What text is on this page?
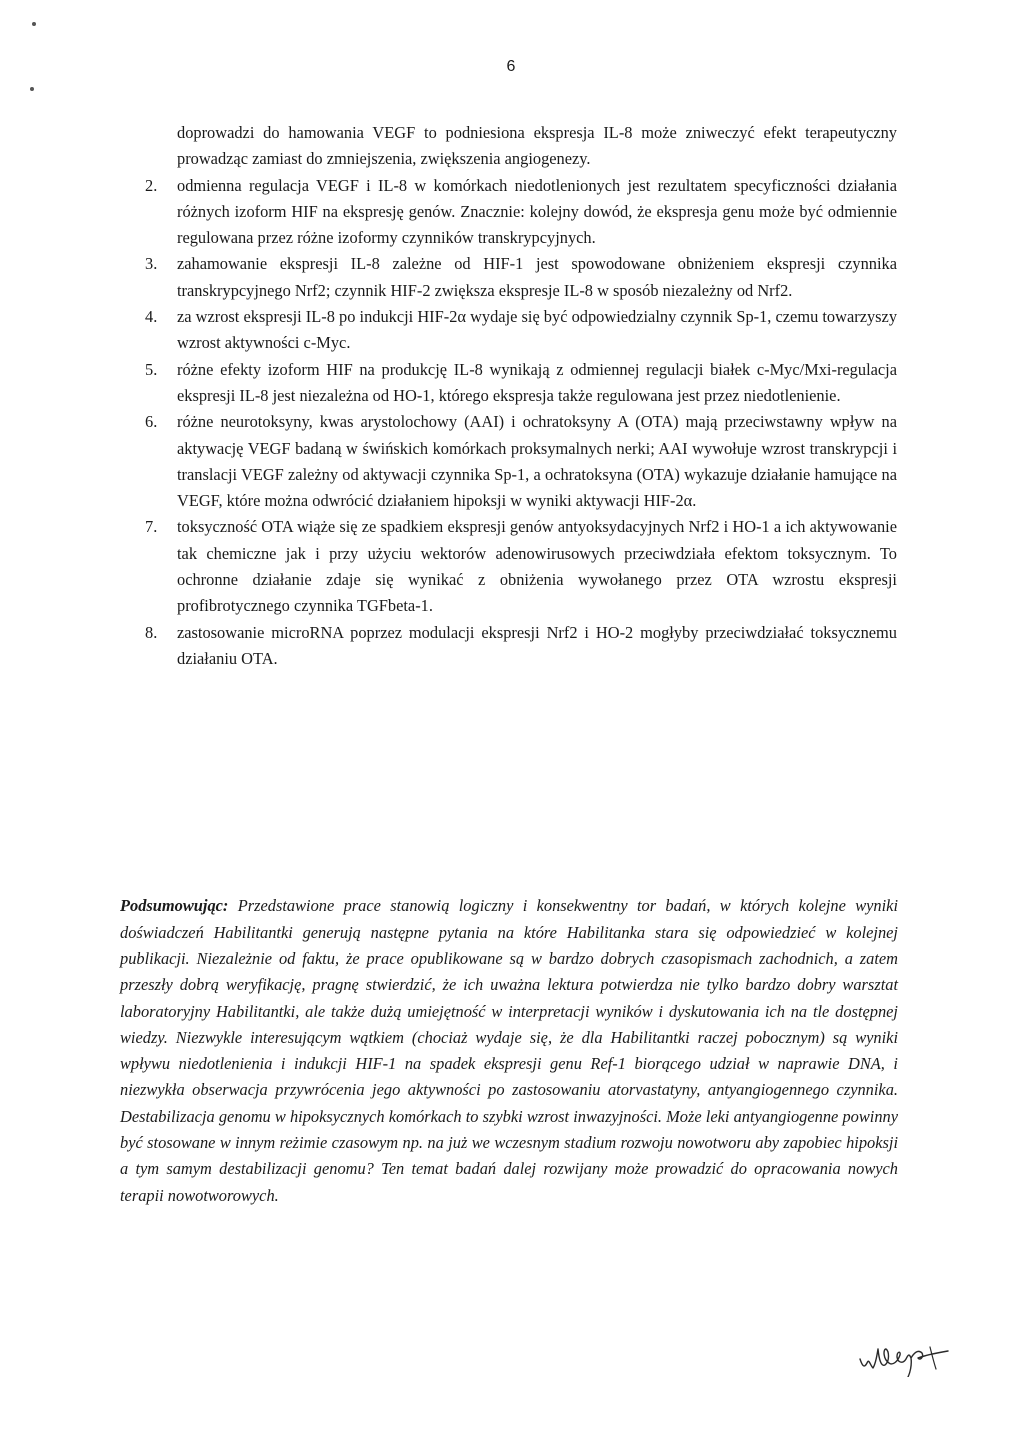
6
doprowadzi do hamowania VEGF to podniesiona ekspresja IL-8 może zniweczyć efekt terapeutyczny prowadząc zamiast do zmniejszenia, zwiększenia angiogenezy.
2.	odmienna regulacja VEGF i IL-8 w komórkach niedotlenionych jest rezultatem specyficzności działania różnych izoform HIF na ekspresję genów. Znacznie: kolejny dowód, że ekspresja genu może być odmiennie regulowana przez różne izoformy czynników transkrypcyjnych.
3.	zahamowanie ekspresji IL-8 zależne od HIF-1 jest spowodowane obniżeniem ekspresji czynnika transkrypcyjnego Nrf2; czynnik HIF-2 zwiększa ekspresje IL-8 w sposób niezależny od Nrf2.
4.	za wzrost ekspresji IL-8 po indukcji HIF-2α wydaje się być odpowiedzialny czynnik Sp-1, czemu towarzyszy wzrost aktywności c-Myc.
5.	różne efekty izoform HIF na produkcję IL-8 wynikają z odmiennej regulacji białek c-Myc/Mxi-regulacja ekspresji IL-8 jest niezależna od HO-1, którego ekspresja także regulowana jest przez niedotlenienie.
6.	różne neurotoksyny, kwas arystolochowy (AAI) i ochratoksyny A (OTA) mają przeciwstawny wpływ na aktywację VEGF badaną w świńskich komórkach proksymalnych nerki; AAI wywołuje wzrost transkrypcji i translacji VEGF zależny od aktywacji czynnika Sp-1, a ochratoksyna (OTA) wykazuje działanie hamujące na VEGF, które można odwrócić działaniem hipoksji w wyniki aktywacji HIF-2α.
7.	toksyczność OTA wiąże się ze spadkiem ekspresji genów antyoksydacyjnych Nrf2 i HO-1 a ich aktywowanie tak chemiczne jak i przy użyciu wektorów adenowirusowych przeciwdziała efektom toksycznym. To ochronne działanie zdaje się wynikać z obniżenia wywołanego przez OTA wzrostu ekspresji profibrotycznego czynnika TGFbeta-1.
8.	zastosowanie microRNA poprzez modulacji ekspresji Nrf2 i HO-2 mogłyby przeciwdziałać toksycznemu działaniu OTA.

Podsumowując: Przedstawione prace stanowią logiczny i konsekwentny tor badań, w których kolejne wyniki doświadczeń Habilitantki generują następne pytania na które Habilitanka stara się odpowiedzieć w kolejnej publikacji. Niezależnie od faktu, że prace opublikowane są w bardzo dobrych czasopismach zachodnich, a zatem przeszły dobrą weryfikację, pragnę stwierdzić, że ich uważna lektura potwierdza nie tylko bardzo dobry warsztat laboratoryjny Habilitantki, ale także dużą umiejętność w interpretacji wyników i dyskutowania ich na tle dostępnej wiedzy. Niezwykle interesującym wątkiem (chociaż wydaje się, że dla Habilitantki raczej pobocznym) są wyniki wpływu niedotlenienia i indukcji HIF-1 na spadek ekspresji genu Ref-1 biorącego udział w naprawie DNA, i niezwykła obserwacja przywrócenia jego aktywności po zastosowaniu atorvastatyny, antyangiogennego czynnika. Destabilizacja genomu w hipoksycznych komórkach to szybki wzrost inwazyjności. Może leki antyangiogenne powinny być stosowane w innym reżimie czasowym np. na już we wczesnym stadium rozwoju nowotworu aby zapobiec hipoksji a tym samym destabilizacji genomu? Ten temat badań dalej rozwijany może prowadzić do opracowania nowych terapii nowotworowych.
